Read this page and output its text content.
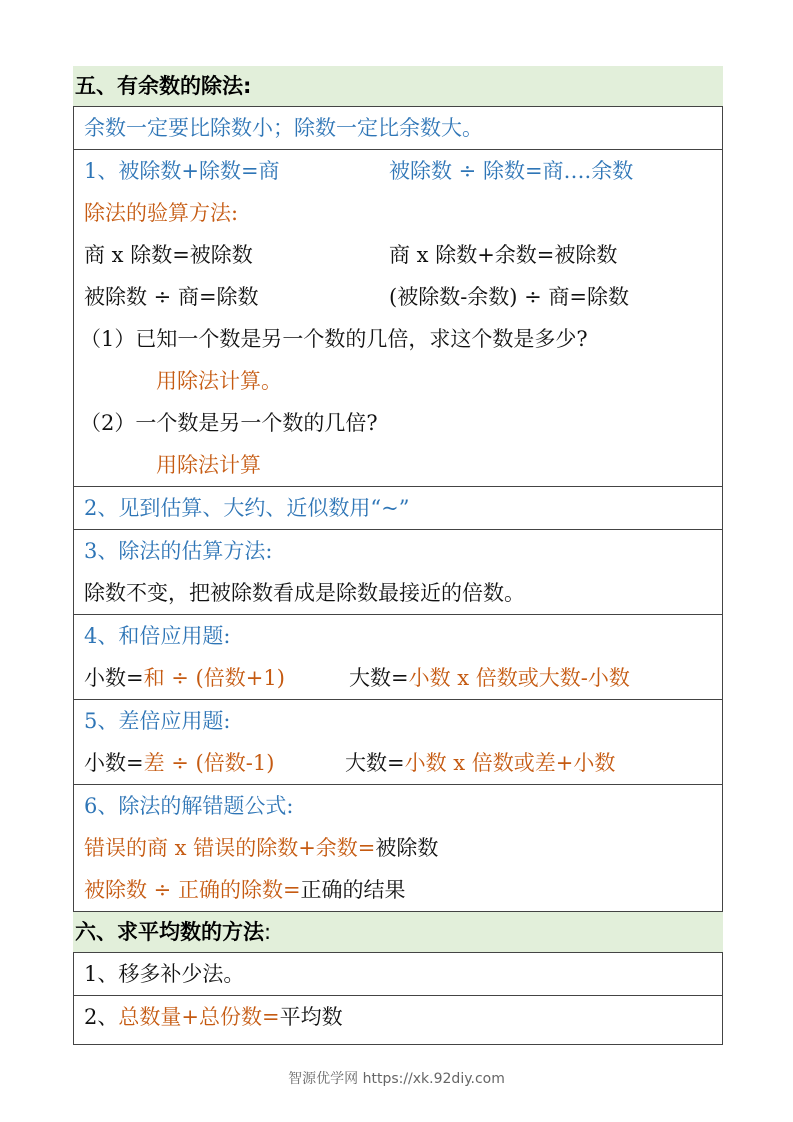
五、有余数的除法:
余数一定要比除数小；除数一定比余数大。
1、被除数+除数=商	被除数 ÷ 除数=商….余数
除法的验算方法:
商 x 除数=被除数	商 x 除数+余数=被除数
被除数 ÷ 商=除数	(被除数-余数) ÷ 商=除数
（1）已知一个数是另一个数的几倍，求这个数是多少?
用除法计算。
（2）一个数是另一个数的几倍?
用除法计算
2、见到估算、大约、近似数用“~”
3、除法的估算方法:
除数不变，把被除数看成是除数最接近的倍数。
4、和倍应用题:
小数=和 ÷ (倍数+1)	大数=小数 x 倍数或大数-小数
5、差倍应用题:
小数=差 ÷ (倍数-1)	大数=小数 x 倍数或差+小数
6、除法的解错题公式:
错误的商 x 错误的除数+余数=被除数
被除数 ÷ 正确的除数=正确的结果
六、求平均数的方法:
1、移多补少法。
2、总数量+总份数=平均数
智源优学网 https://xk.92diy.com
